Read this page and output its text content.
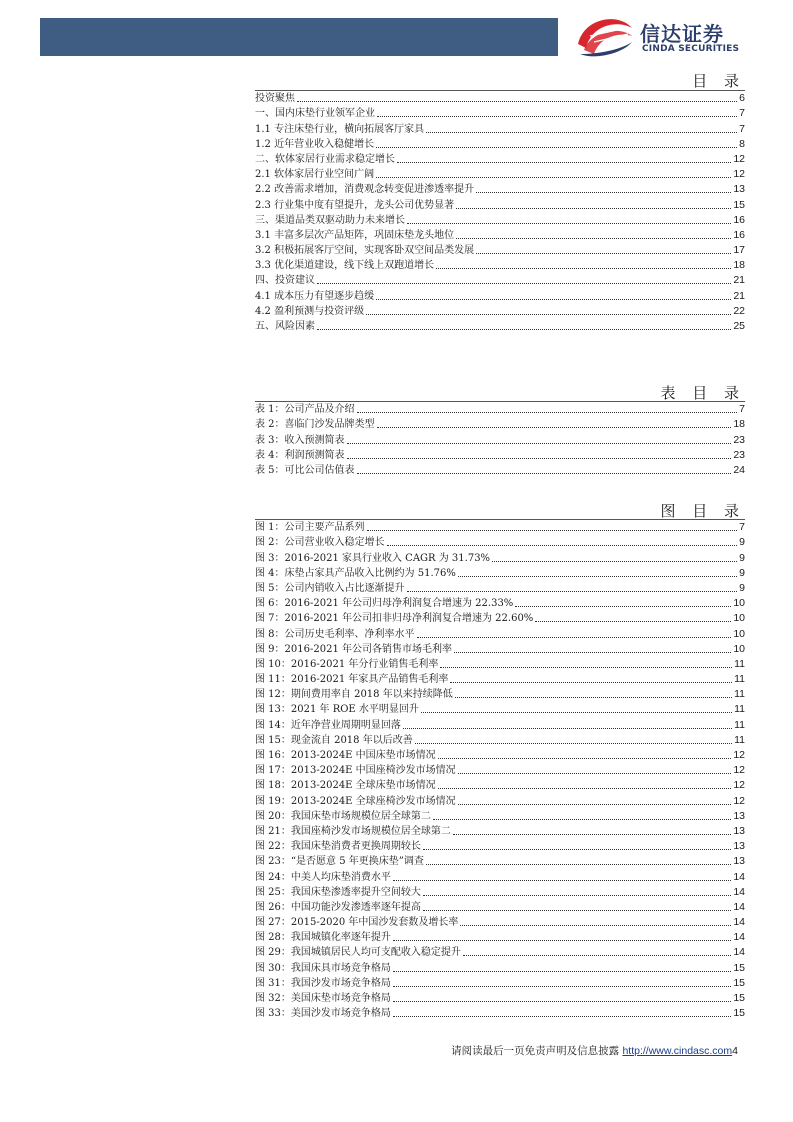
信达证券
CINDA SECURITIES
目 录
投资聚焦	6
一、国内床垫行业领军企业	7
1.1 专注床垫行业，横向拓展客厅家具	7
1.2 近年营业收入稳健增长	8
二、软体家居行业需求稳定增长	12
2.1 软体家居行业空间广阔	12
2.2 改善需求增加，消费观念转变促进渗透率提升	13
2.3 行业集中度有望提升，龙头公司优势显著	15
三、渠道品类双驱动助力未来增长	16
3.1 丰富多层次产品矩阵，巩固床垫龙头地位	16
3.2 积极拓展客厅空间，实现客卧双空间品类发展	17
3.3 优化渠道建设，线下线上双跑道增长	18
四、投资建议	21
4.1 成本压力有望逐步趋缓	21
4.2 盈利预测与投资评级	22
五、风险因素	25
表 目 录
表 1：公司产品及介绍	7
表 2：喜临门沙发品牌类型	18
表 3：收入预测简表	23
表 4：利润预测简表	23
表 5：可比公司估值表	24
图 目 录
图 1：公司主要产品系列	7
图 2：公司营业收入稳定增长	9
图 3：2016-2021 家具行业收入 CAGR 为 31.73%	9
图 4：床垫占家具产品收入比例约为 51.76%	9
图 5：公司内销收入占比逐渐提升	9
图 6：2016-2021 年公司归母净利润复合增速为 22.33%	10
图 7：2016-2021 年公司扣非归母净利润复合增速为 22.60%	10
图 8：公司历史毛利率、净利率水平	10
图 9：2016-2021 年公司各销售市场毛利率	10
图 10：2016-2021 年分行业销售毛利率	11
图 11：2016-2021 年家具产品销售毛利率	11
图 12：期间费用率自 2018 年以来持续降低	11
图 13：2021 年 ROE 水平明显回升	11
图 14：近年净营业周期明显回落	11
图 15：现金流自 2018 年以后改善	11
图 16：2013-2024E 中国床垫市场情况	12
图 17：2013-2024E 中国座椅沙发市场情况	12
图 18：2013-2024E 全球床垫市场情况	12
图 19：2013-2024E 全球座椅沙发市场情况	12
图 20：我国床垫市场规模位居全球第二	13
图 21：我国座椅沙发市场规模位居全球第二	13
图 22：我国床垫消费者更换周期较长	13
图 23：“是否愿意 5 年更换床垫”调查	13
图 24：中美人均床垫消费水平	14
图 25：我国床垫渗透率提升空间较大	14
图 26：中国功能沙发渗透率逐年提高	14
图 27：2015-2020 年中国沙发套数及增长率	14
图 28：我国城镇化率逐年提升	14
图 29：我国城镇居民人均可支配收入稳定提升	14
图 30：我国床具市场竞争格局	15
图 31：我国沙发市场竞争格局	15
图 32：美国床垫市场竞争格局	15
图 33：美国沙发市场竞争格局	15
请阅读最后一页免责声明及信息披露 http://www.cindasc.com4
